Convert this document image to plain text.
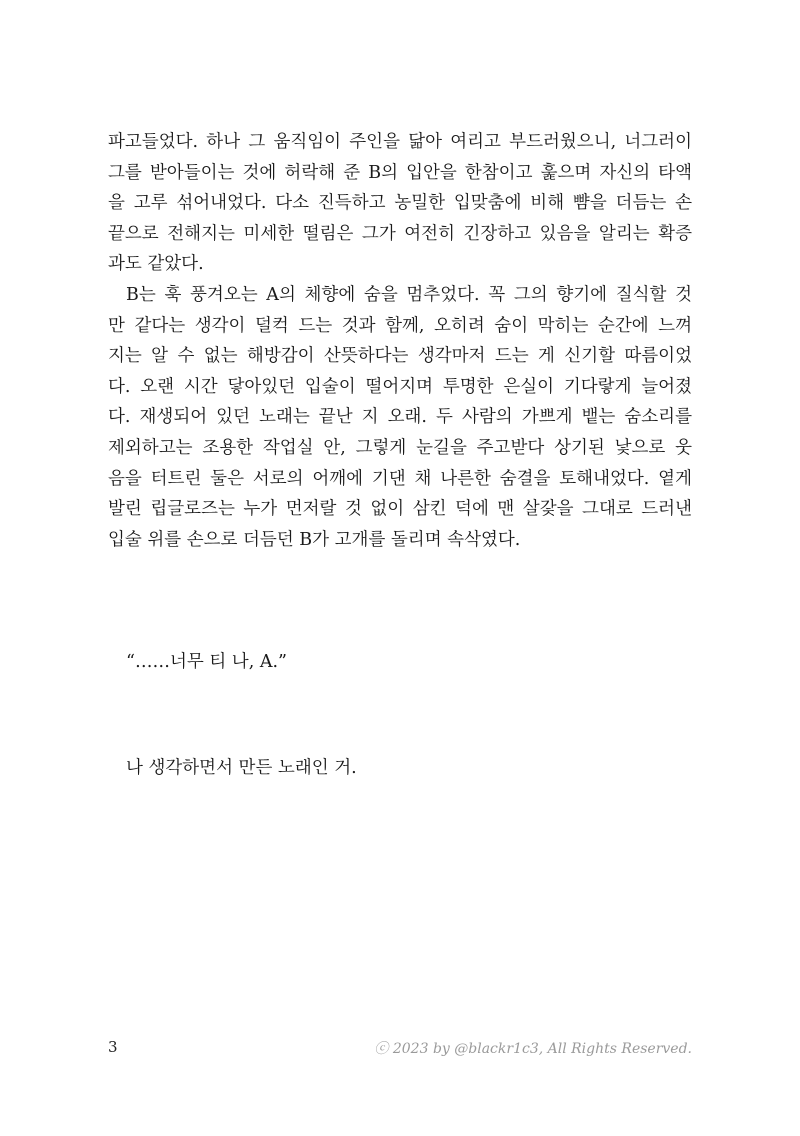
파고들었다. 하나 그 움직임이 주인을 닮아 여리고 부드러웠으니, 너그러이
그를 받아들이는 것에 허락해 준 B의 입안을 한참이고 훑으며 자신의 타액
을 고루 섞어내었다. 다소 진득하고 농밀한 입맞춤에 비해 뺨을 더듬는 손
끝으로 전해지는 미세한 떨림은 그가 여전히 긴장하고 있음을 알리는 확증
과도 같았다.
B는 훅 풍겨오는 A의 체향에 숨을 멈추었다. 꼭 그의 향기에 질식할 것
만 같다는 생각이 덜컥 드는 것과 함께, 오히려 숨이 막히는 순간에 느껴
지는 알 수 없는 해방감이 산뜻하다는 생각마저 드는 게 신기할 따름이었
다. 오랜 시간 닿아있던 입술이 떨어지며 투명한 은실이 기다랗게 늘어졌
다. 재생되어 있던 노래는 끝난 지 오래. 두 사람의 가쁘게 뱉는 숨소리를
제외하고는 조용한 작업실 안, 그렇게 눈길을 주고받다 상기된 낯으로 웃
음을 터트린 둘은 서로의 어깨에 기댄 채 나른한 숨결을 토해내었다. 옅게
발린 립글로즈는 누가 먼저랄 것 없이 삼킨 덕에 맨 살갗을 그대로 드러낸
입술 위를 손으로 더듬던 B가 고개를 돌리며 속삭였다.
“……너무 티 나, A.”
나 생각하면서 만든 노래인 거.
3	ⓒ 2023 by @blackr1c3, All Rights Reserved.
